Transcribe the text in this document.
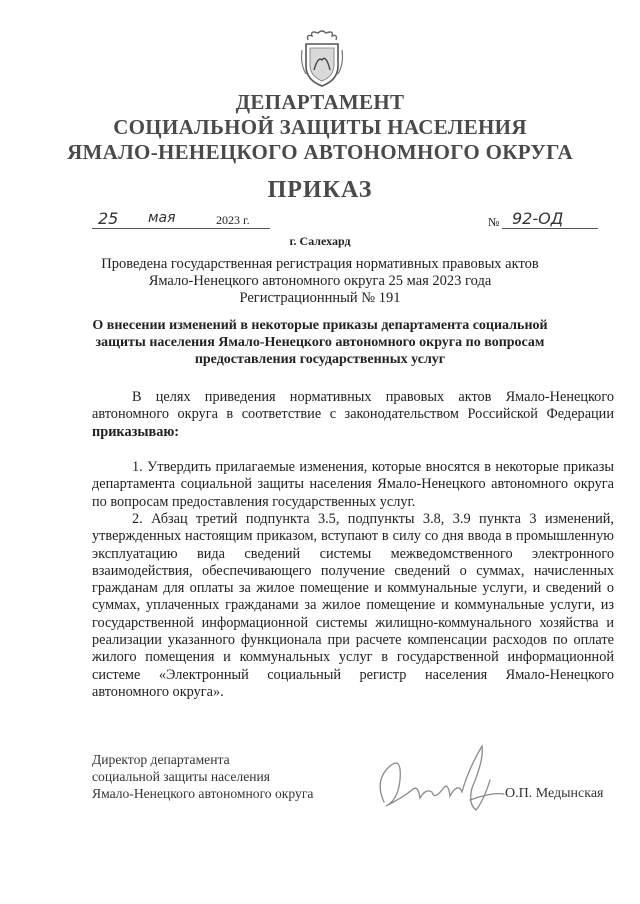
ДЕПАРТАМЕНТ
СОЦИАЛЬНОЙ ЗАЩИТЫ НАСЕЛЕНИЯ
ЯМАЛО-НЕНЕЦКОГО АВТОНОМНОГО ОКРУГА
ПРИКАЗ
25 мая	2023 г.	№ 92-ОД
г. Салехард
Проведена государственная регистрация нормативных правовых актов
Ямало-Ненецкого автономного округа 25 мая 2023 года
Регистрационнный № 191
О внесении изменений в некоторые приказы департамента социальной защиты населения Ямало-Ненецкого автономного округа по вопросам предоставления государственных услуг
В целях приведения нормативных правовых актов Ямало-Ненецкого автономного округа в соответствие с законодательством Российской Федерации приказываю:
1. Утвердить прилагаемые изменения, которые вносятся в некоторые приказы департамента социальной защиты населения Ямало-Ненецкого автономного округа по вопросам предоставления государственных услуг.
2. Абзац третий подпункта 3.5, подпункты 3.8, 3.9 пункта 3 изменений, утвержденных настоящим приказом, вступают в силу со дня ввода в промышленную эксплуатацию вида сведений системы межведомственного электронного взаимодействия, обеспечивающего получение сведений о суммах, начисленных гражданам для оплаты за жилое помещение и коммунальные услуги, и сведений о суммах, уплаченных гражданами за жилое помещение и коммунальные услуги, из государственной информационной системы жилищно-коммунального хозяйства и реализации указанного функционала при расчете компенсации расходов по оплате жилого помещения и коммунальных услуг в государственной информационной системе «Электронный социальный регистр населения Ямало-Ненецкого автономного округа».
Директор департамента
социальной защиты населения
Ямало-Ненецкого автономного округа	О.П. Медынская
